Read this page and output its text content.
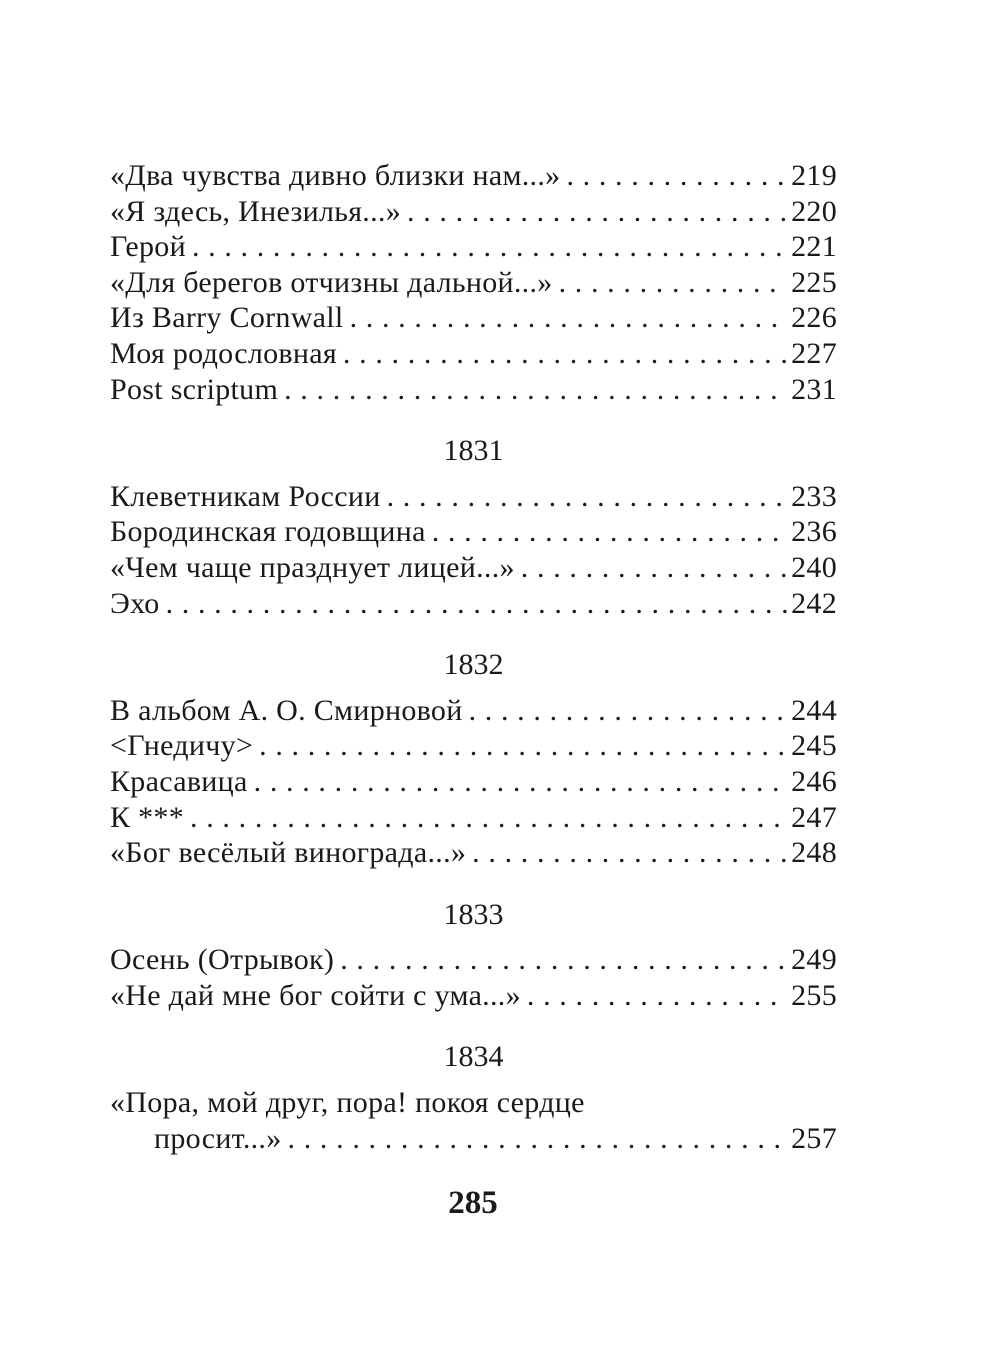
«Два чувства дивно близки нам...» . . .	219
«Я здесь, Инезилья...» . . .	220
Герой . . .	221
«Для берегов отчизны дальной...» . . .	225
Из Barry Cornwall . . .	226
Моя родословная . . .	227
Post scriptum . . .	231
1831
Клеветникам России . . .	233
Бородинская годовщина . . .	236
«Чем чаще празднует лицей...» . . .	240
Эхо . . .	242
1832
В альбом А. О. Смирновой . . .	244
<Гнедичу> . . .	245
Красавица . . .	246
К *** . . .	247
«Бог весёлый винограда...» . . .	248
1833
Осень (Отрывок) . . .	249
«Не дай мне бог сойти с ума...» . . .	255
1834
«Пора, мой друг, пора! покоя сердце
просит...» . . .	257
285
